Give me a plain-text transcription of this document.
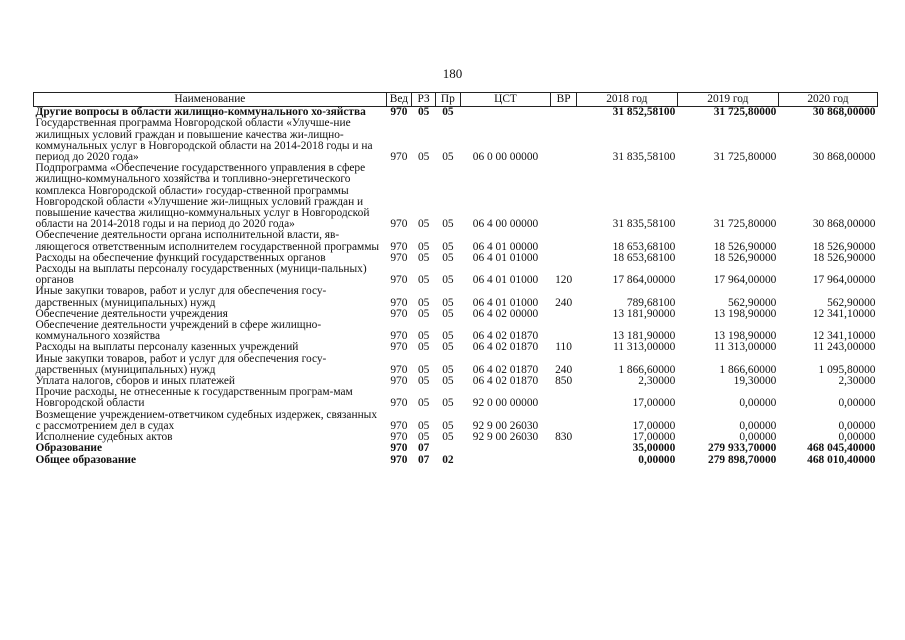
180
Наименование	Вед	РЗ	Пр	ЦСТ	ВР	2018 год	2019 год	2020 год
Другие вопросы в области жилищно-коммунального хо-зяйства	970	05	05			31 852,58100	31 725,80000	30 868,00000
Государственная программа Новгородской области «Улучше-ние жилищных условий граждан и повышение качества жи-лищно-коммунальных услуг в Новгородской области на 2014-2018 годы и на период до 2020 года»	970	05	05	06 0 00 00000		31 835,58100	31 725,80000	30 868,00000
Подпрограмма «Обеспечение государственного управления в сфере жилищно-коммунального хозяйства и топливно-энергетического комплекса Новгородской области» государ-ственной программы Новгородской области «Улучшение жи-лищных условий граждан и повышение качества жилищно-коммунальных услуг в Новгородской области на 2014-2018 годы и на период до 2020 года»	970	05	05	06 4 00 00000		31 835,58100	31 725,80000	30 868,00000
Обеспечение деятельности органа исполнительной власти, яв-ляющегося ответственным исполнителем государственной программы	970	05	05	06 4 01 00000		18 653,68100	18 526,90000	18 526,90000
Расходы на обеспечение функций государственных органов	970	05	05	06 4 01 01000		18 653,68100	18 526,90000	18 526,90000
Расходы на выплаты персоналу государственных (муници-пальных) органов	970	05	05	06 4 01 01000	120	17 864,00000	17 964,00000	17 964,00000
Иные закупки товаров, работ и услуг для обеспечения госу-дарственных (муниципальных) нужд	970	05	05	06 4 01 01000	240	789,68100	562,90000	562,90000
Обеспечение деятельности учреждения	970	05	05	06 4 02 00000		13 181,90000	13 198,90000	12 341,10000
Обеспечение деятельности учреждений в сфере жилищно-коммунального хозяйства	970	05	05	06 4 02 01870		13 181,90000	13 198,90000	12 341,10000
Расходы на выплаты персоналу казенных учреждений	970	05	05	06 4 02 01870	110	11 313,00000	11 313,00000	11 243,00000
Иные закупки товаров, работ и услуг для обеспечения госу-дарственных (муниципальных) нужд	970	05	05	06 4 02 01870	240	1 866,60000	1 866,60000	1 095,80000
Уплата налогов, сборов и иных платежей	970	05	05	06 4 02 01870	850	2,30000	19,30000	2,30000
Прочие расходы, не отнесенные к государственным програм-мам Новгородской области	970	05	05	92 0 00 00000		17,00000	0,00000	0,00000
Возмещение учреждением-ответчиком судебных издержек, связанных с рассмотрением дел в судах	970	05	05	92 9 00 26030		17,00000	0,00000	0,00000
Исполнение судебных актов	970	05	05	92 9 00 26030	830	17,00000	0,00000	0,00000
Образование	970	07				35,00000	279 933,70000	468 045,40000
Общее образование	970	07	02			0,00000	279 898,70000	468 010,40000
